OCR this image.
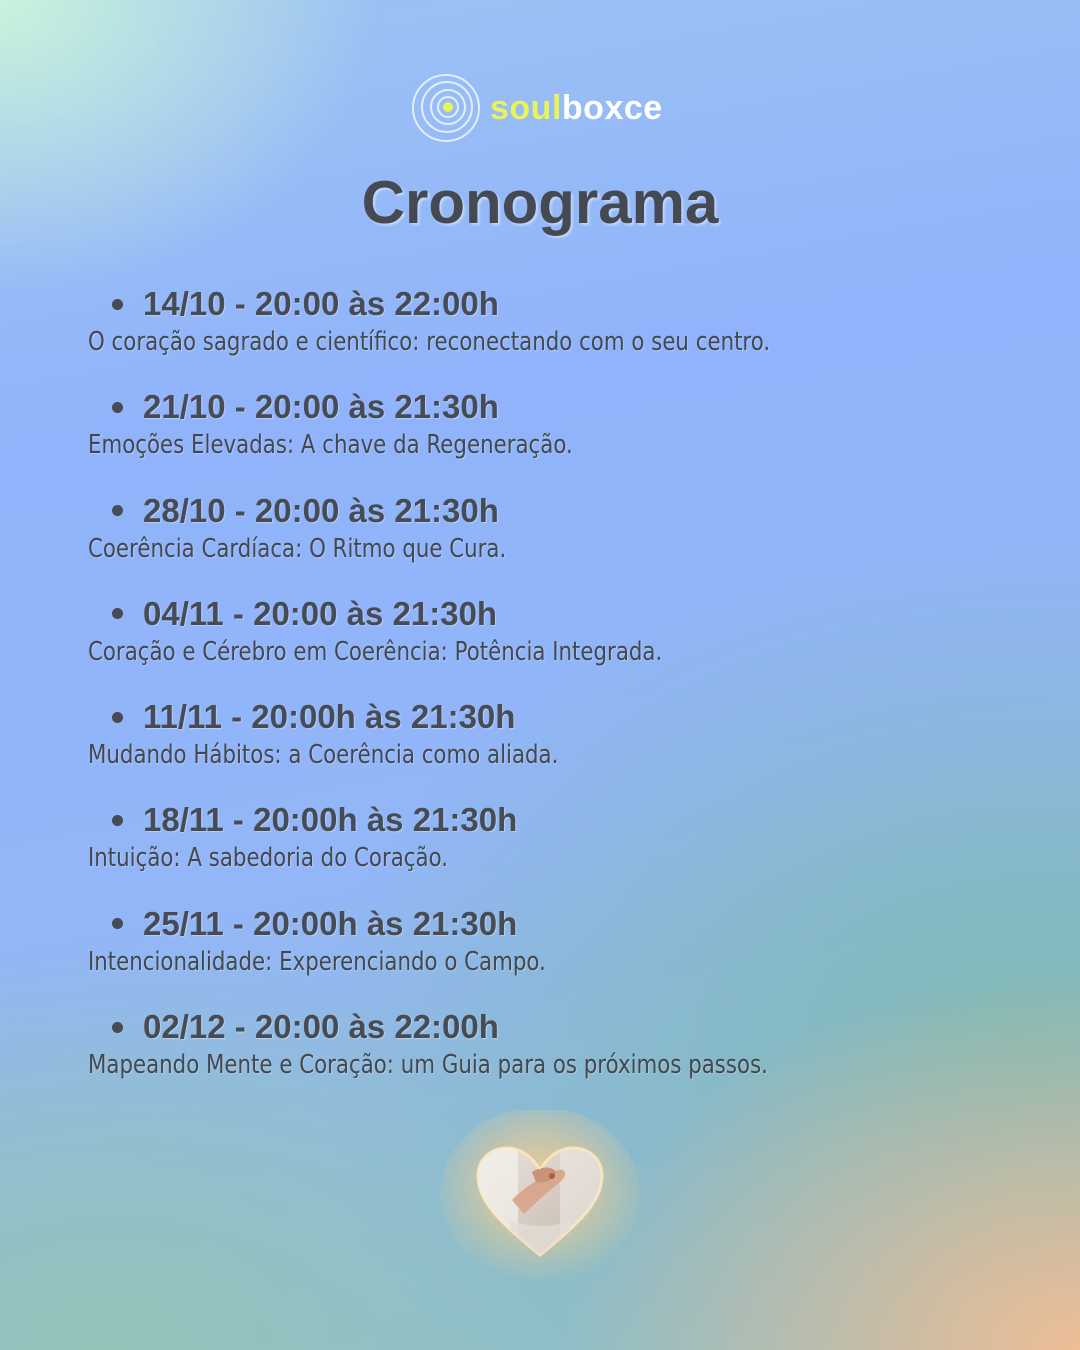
soulboxce
Cronograma
14/10 - 20:00 às 22:00h
O coração sagrado e científico: reconectando com o seu centro.
21/10 - 20:00 às 21:30h
Emoções Elevadas: A chave da Regeneração.
28/10 - 20:00 às 21:30h
Coerência Cardíaca: O Ritmo que Cura.
04/11 - 20:00 às 21:30h
Coração e Cérebro em Coerência: Potência Integrada.
11/11 - 20:00h às 21:30h
Mudando Hábitos: a Coerência como aliada.
18/11 - 20:00h às 21:30h
Intuição: A sabedoria do Coração.
25/11 - 20:00h às 21:30h
Intencionalidade: Experenciando o Campo.
02/12 - 20:00 às 22:00h
Mapeando Mente e Coração: um Guia para os próximos passos.
